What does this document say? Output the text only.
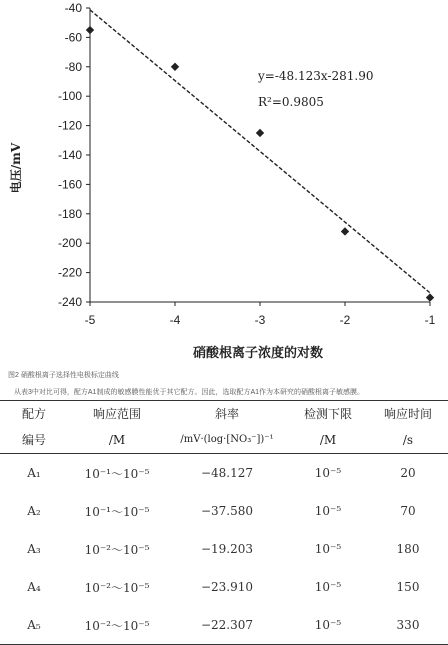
-40
-60
-80
-100
-120
-140
-160
-180
-200
-220
-240
-5	-4	-3	-2	-1
y=-48.123x-281.90
R²=0.9805
硝酸根离子浓度的对数
电压/mV
图2 硝酸根离子选择性电极标定曲线
从表3中对比可得，配方A1制成的敏感膜性能优于其它配方。因此，选取配方A1作为本研究的硝酸根离子敏感膜。
配方	响应范围	斜率	检测下限	响应时间
编号	/M	/mV·(log·[NO₃⁻])⁻¹	/M	/s
A₁	10⁻¹～10⁻⁵	−48.127	10⁻⁵	20
A₂	10⁻¹～10⁻⁵	−37.580	10⁻⁵	70
A₃	10⁻²～10⁻⁵	−19.203	10⁻⁵	180
A₄	10⁻²～10⁻⁵	−23.910	10⁻⁵	150
A₅	10⁻²～10⁻⁵	−22.307	10⁻⁵	330
